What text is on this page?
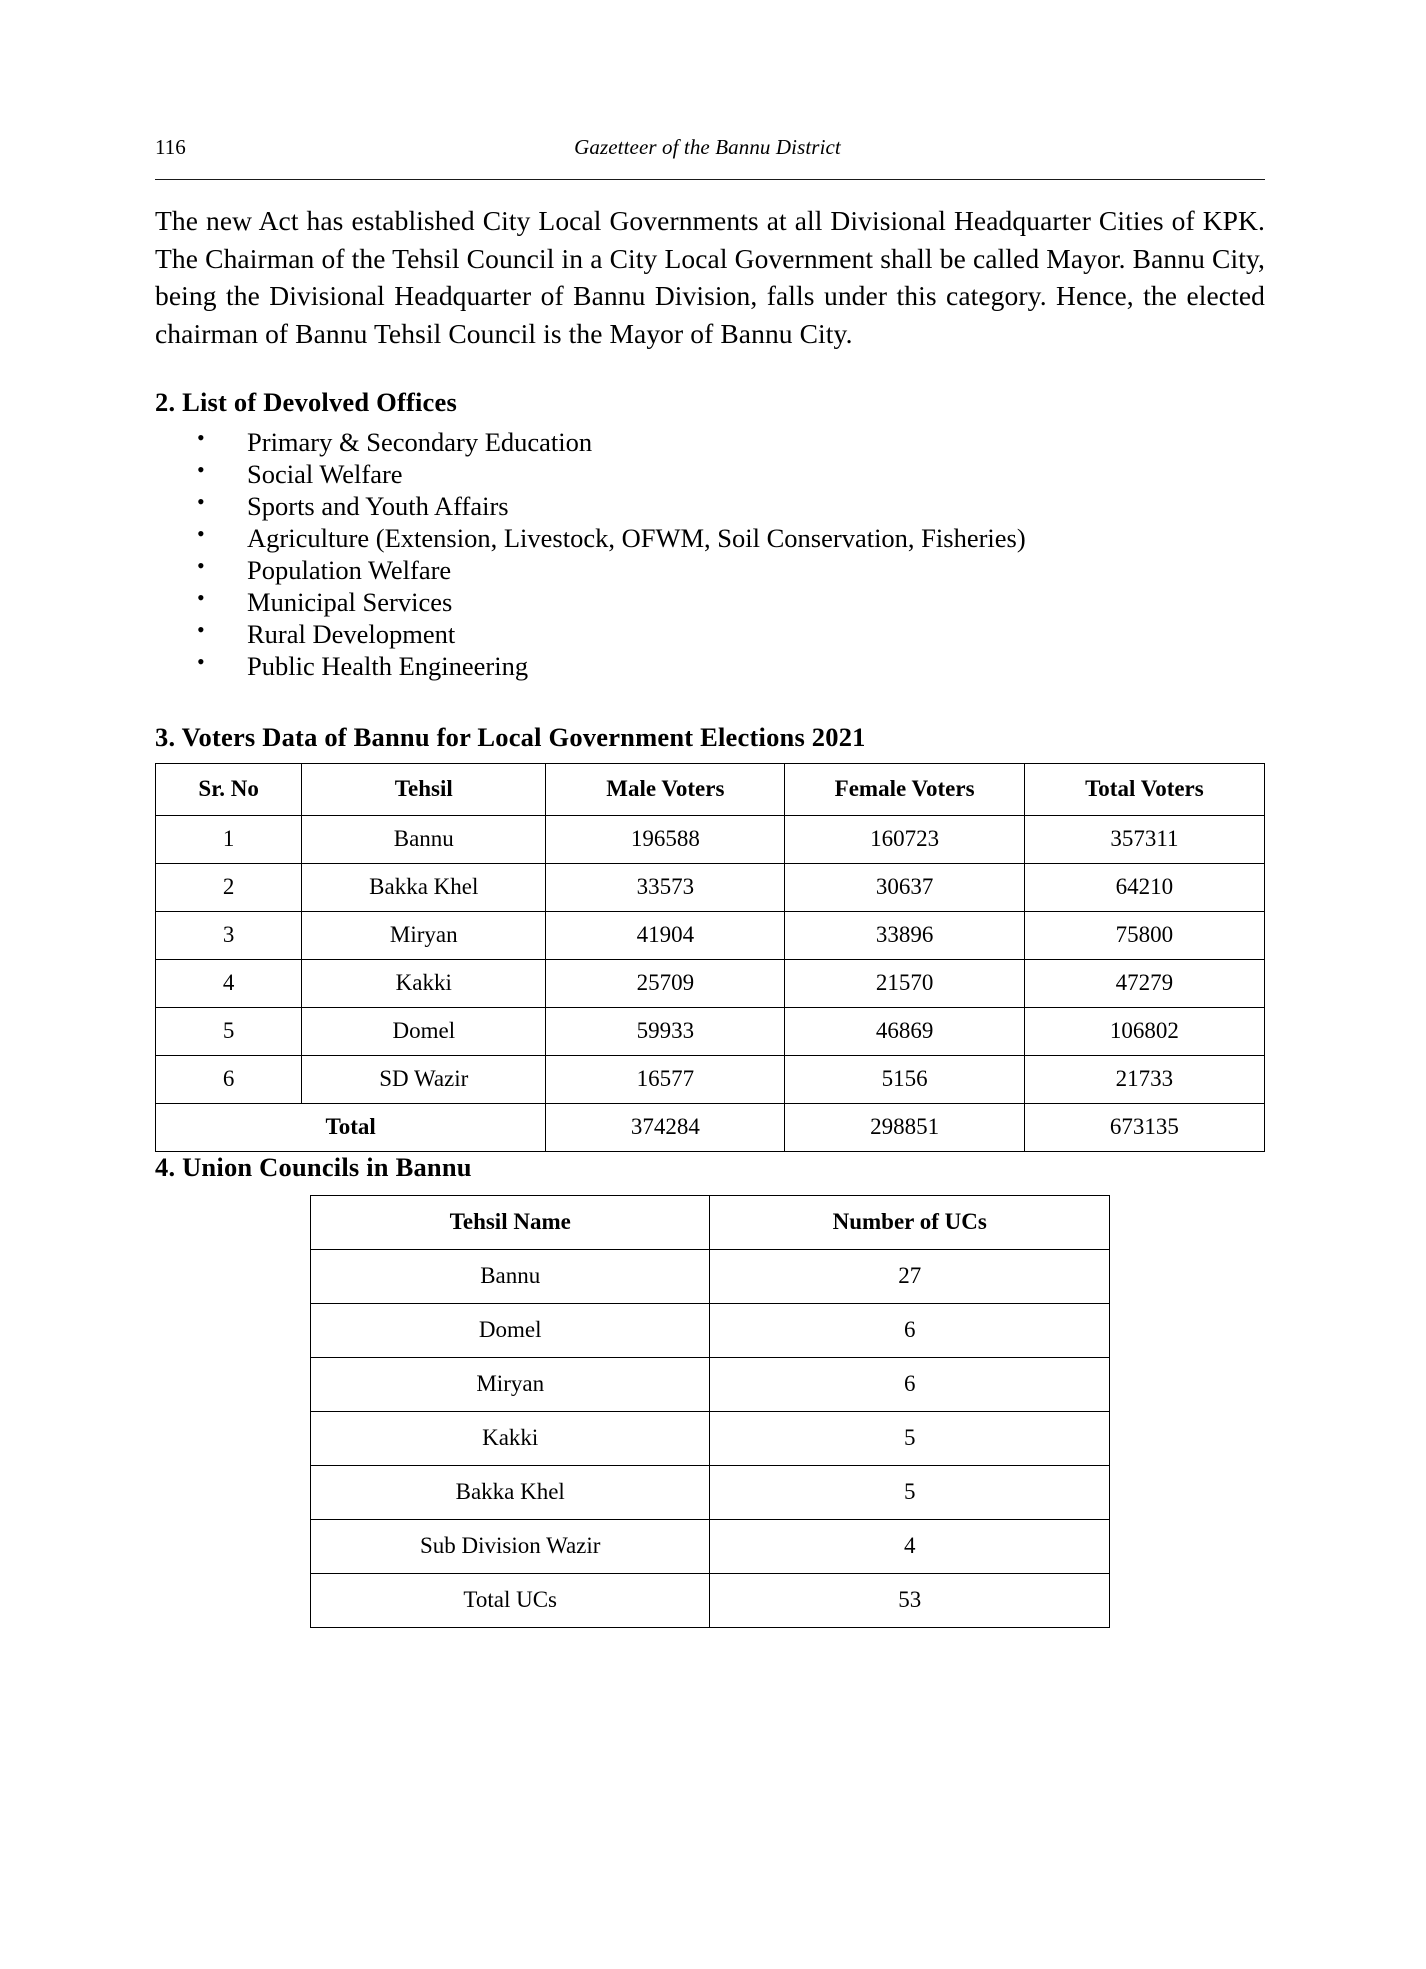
116	Gazetteer of the Bannu District

The new Act has established City Local Governments at all Divisional Headquarter Cities of KPK. The Chairman of the Tehsil Council in a City Local Government shall be called Mayor. Bannu City, being the Divisional Headquarter of Bannu Division, falls under this category. Hence, the elected chairman of Bannu Tehsil Council is the Mayor of Bannu City.

2. List of Devolved Offices
• Primary & Secondary Education
• Social Welfare
• Sports and Youth Affairs
• Agriculture (Extension, Livestock, OFWM, Soil Conservation, Fisheries)
• Population Welfare
• Municipal Services
• Rural Development
• Public Health Engineering
3. Voters Data of Bannu for Local Government Elections 2021
Sr. No	Tehsil	Male Voters	Female Voters	Total Voters
1	Bannu	196588	160723	357311
2	Bakka Khel	33573	30637	64210
3	Miryan	41904	33896	75800
4	Kakki	25709	21570	47279
5	Domel	59933	46869	106802
6	SD Wazir	16577	5156	21733
Total		374284	298851	673135
4. Union Councils in Bannu
Tehsil Name	Number of UCs
Bannu	27
Domel	6
Miryan	6
Kakki	5
Bakka Khel	5
Sub Division Wazir	4
Total UCs	53
